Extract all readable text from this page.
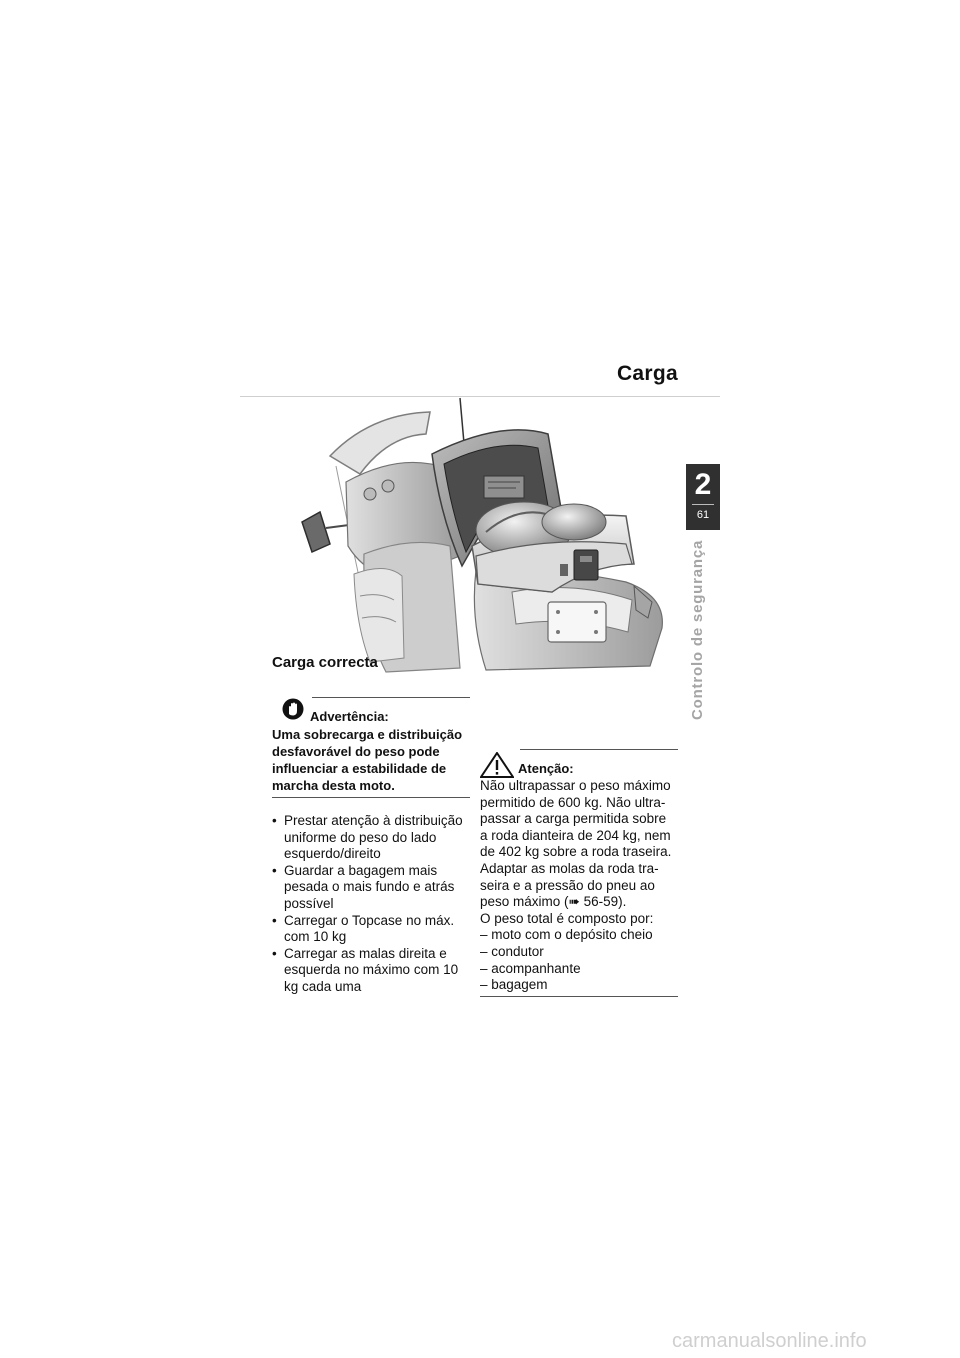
Carga
2
61
Controlo de segurança
Carga correcta
Advertência:
Uma sobrecarga e distribuição desfavorável do peso pode influenciar a estabilidade de marcha desta moto.
• Prestar atenção à distribuição uniforme do peso do lado esquerdo/direito
• Guardar a bagagem mais pesada o mais fundo e atrás possível
• Carregar o Topcase no máx. com 10 kg
• Carregar as malas direita e esquerda no máximo com 10 kg cada uma
Atenção:
Não ultrapassar o peso máximo
permitido de 600 kg. Não ultra-
passar a carga permitida sobre
a roda dianteira de 204 kg, nem
de 402 kg sobre a roda traseira.
Adaptar as molas da roda tra-
seira e a pressão do pneu ao
peso máximo (➠ 56-59).
O peso total é composto por:
– moto com o depósito cheio
– condutor
– acompanhante
– bagagem
carmanualsonline.info
